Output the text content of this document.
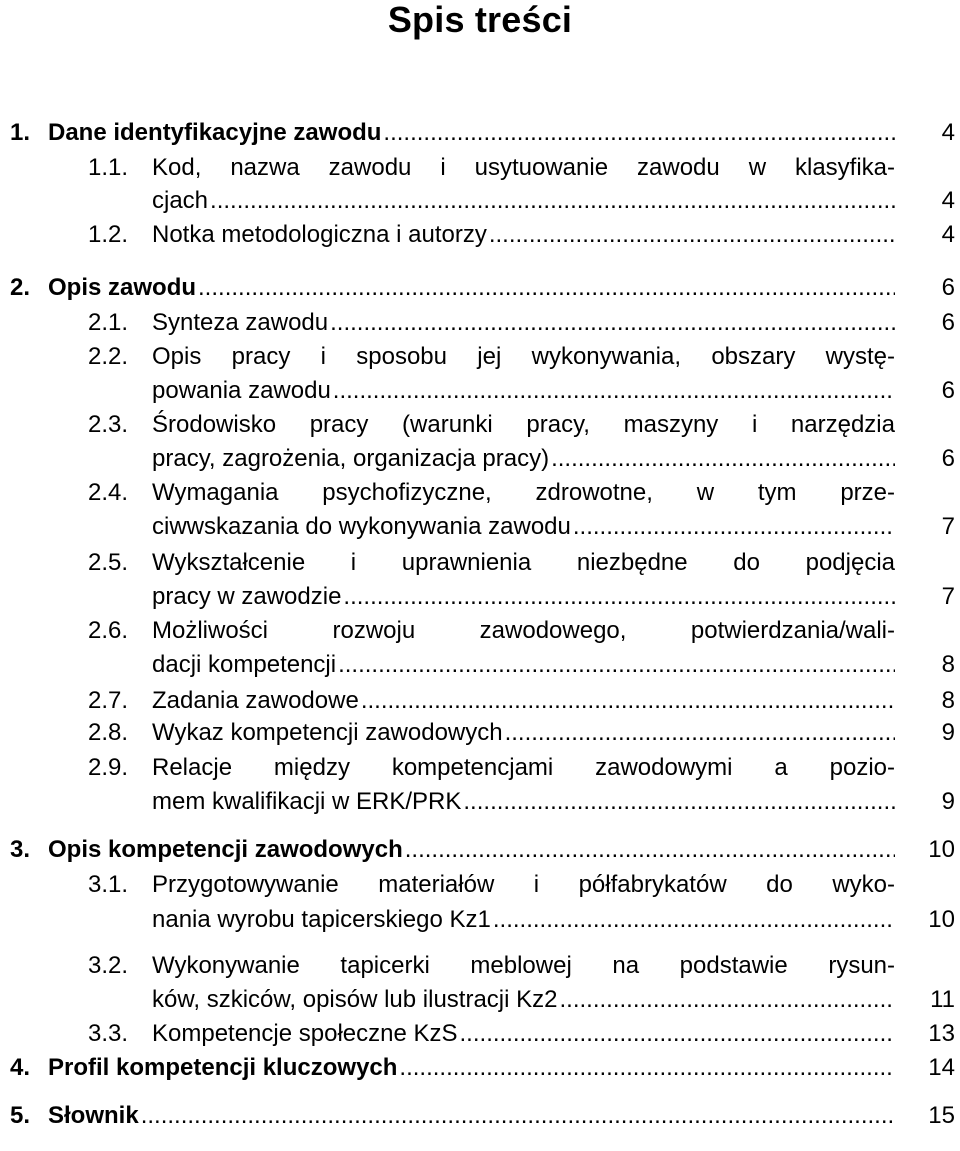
Spis treści
1. Dane identyfikacyjne zawodu .....	4
1.1. Kod, nazwa zawodu i usytuowanie zawodu w klasyfika-
cjach .....	4
1.2. Notka metodologiczna i autorzy .....	4
2. Opis zawodu .....	6
2.1. Synteza zawodu .....	6
2.2. Opis pracy i sposobu jej wykonywania, obszary wystę-
powania zawodu .....	6
2.3. Środowisko pracy (warunki pracy, maszyny i narzędzia
pracy, zagrożenia, organizacja pracy) .....	6
2.4. Wymagania psychofizyczne, zdrowotne, w tym prze-
ciwwskazania do wykonywania zawodu .....	7
2.5. Wykształcenie i uprawnienia niezbędne do podjęcia
pracy w zawodzie .....	7
2.6. Możliwości rozwoju zawodowego, potwierdzania/wali-
dacji kompetencji .....	8
2.7. Zadania zawodowe .....	8
2.8. Wykaz kompetencji zawodowych .....	9
2.9. Relacje między kompetencjami zawodowymi a pozio-
mem kwalifikacji w ERK/PRK .....	9
3. Opis kompetencji zawodowych .....	10
3.1. Przygotowywanie materiałów i półfabrykatów do wyko-
nania wyrobu tapicerskiego Kz1 .....	10
3.2. Wykonywanie tapicerki meblowej na podstawie rysun-
ków, szkiców, opisów lub ilustracji Kz2 .....	11
3.3. Kompetencje społeczne KzS .....	13
4. Profil kompetencji kluczowych .....	14
5. Słownik .....	15
